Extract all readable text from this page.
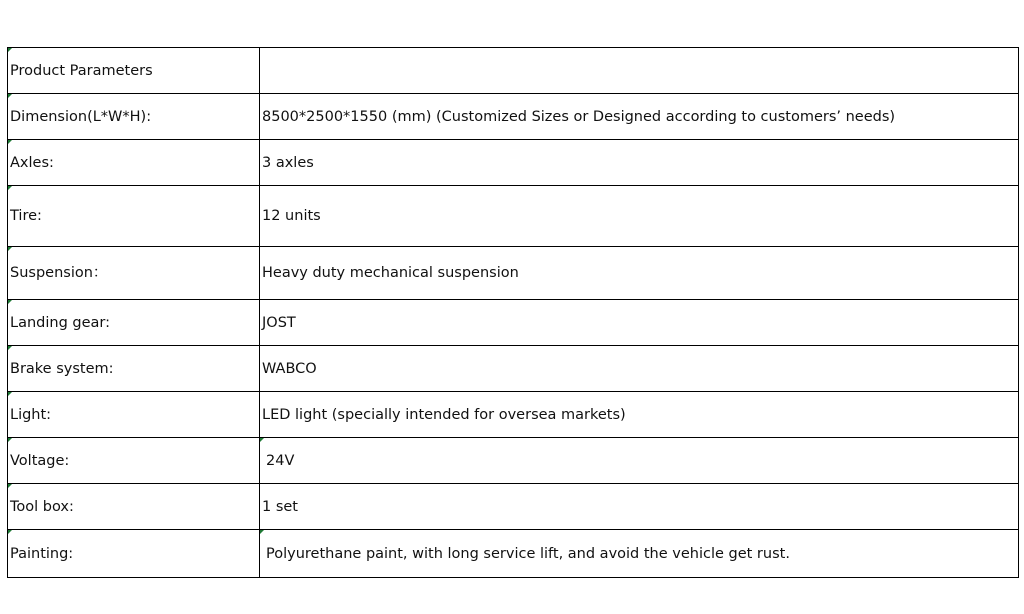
Product Parameters	
Dimension(L*W*H):	8500*2500*1550 (mm) (Customized Sizes or Designed according to customers’ needs)
Axles:	3 axles
Tire:	12 units
Suspension：	Heavy duty mechanical suspension
Landing gear:	JOST
Brake system:	WABCO
Light:	LED light (specially intended for oversea markets)
Voltage:	24V
Tool box:	1 set
Painting:	Polyurethane paint, with long service lift, and avoid the vehicle get rust.
